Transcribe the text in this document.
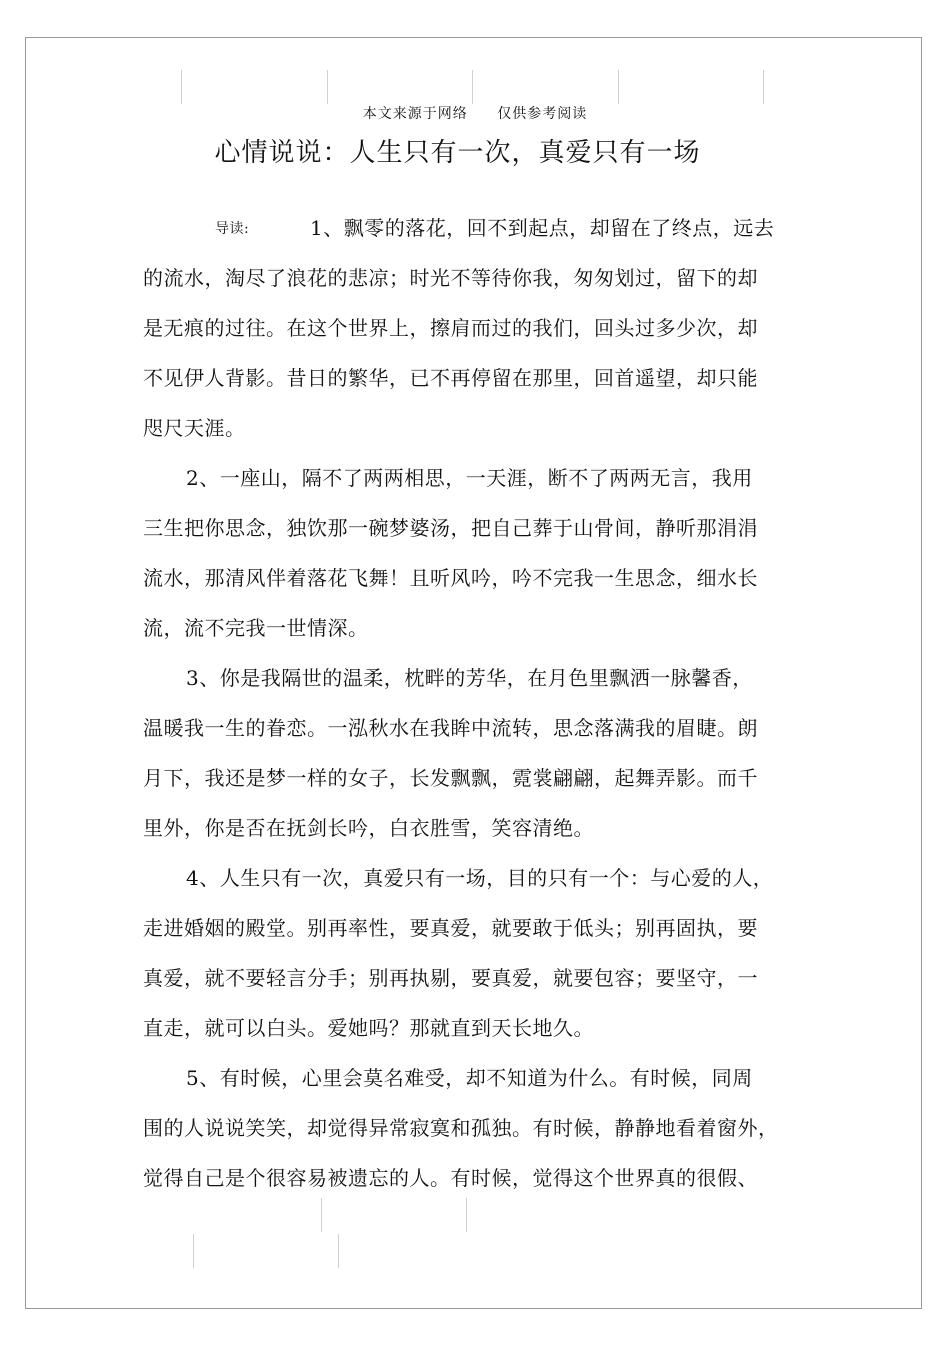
本文来源于网络 仅供参考阅读
心情说说：人生只有一次，真爱只有一场
导读:	1、飘零的落花，回不到起点，却留在了终点，远去
的流水，淘尽了浪花的悲凉；时光不等待你我，匆匆划过，留下的却
是无痕的过往。在这个世界上，擦肩而过的我们，回头过多少次，却
不见伊人背影。昔日的繁华，已不再停留在那里，回首遥望，却只能
咫尺天涯。
2、一座山，隔不了两两相思，一天涯，断不了两两无言，我用
三生把你思念，独饮那一碗梦婆汤，把自己葬于山骨间，静听那涓涓
流水，那清风伴着落花飞舞！且听风吟，吟不完我一生思念，细水长
流，流不完我一世情深。
3、你是我隔世的温柔，枕畔的芳华，在月色里飘洒一脉馨香，
温暖我一生的眷恋。一泓秋水在我眸中流转，思念落满我的眉睫。朗
月下，我还是梦一样的女子，长发飘飘，霓裳翩翩，起舞弄影。而千
里外，你是否在抚剑长吟，白衣胜雪，笑容清绝。
4、人生只有一次，真爱只有一场，目的只有一个：与心爱的人，
走进婚姻的殿堂。别再率性，要真爱，就要敢于低头；别再固执，要
真爱，就不要轻言分手；别再执剔，要真爱，就要包容；要坚守，一
直走，就可以白头。爱她吗？那就直到天长地久。
5、有时候，心里会莫名难受，却不知道为什么。有时候，同周
围的人说说笑笑，却觉得异常寂寞和孤独。有时候，静静地看着窗外，
觉得自己是个很容易被遗忘的人。有时候，觉得这个世界真的很假、
